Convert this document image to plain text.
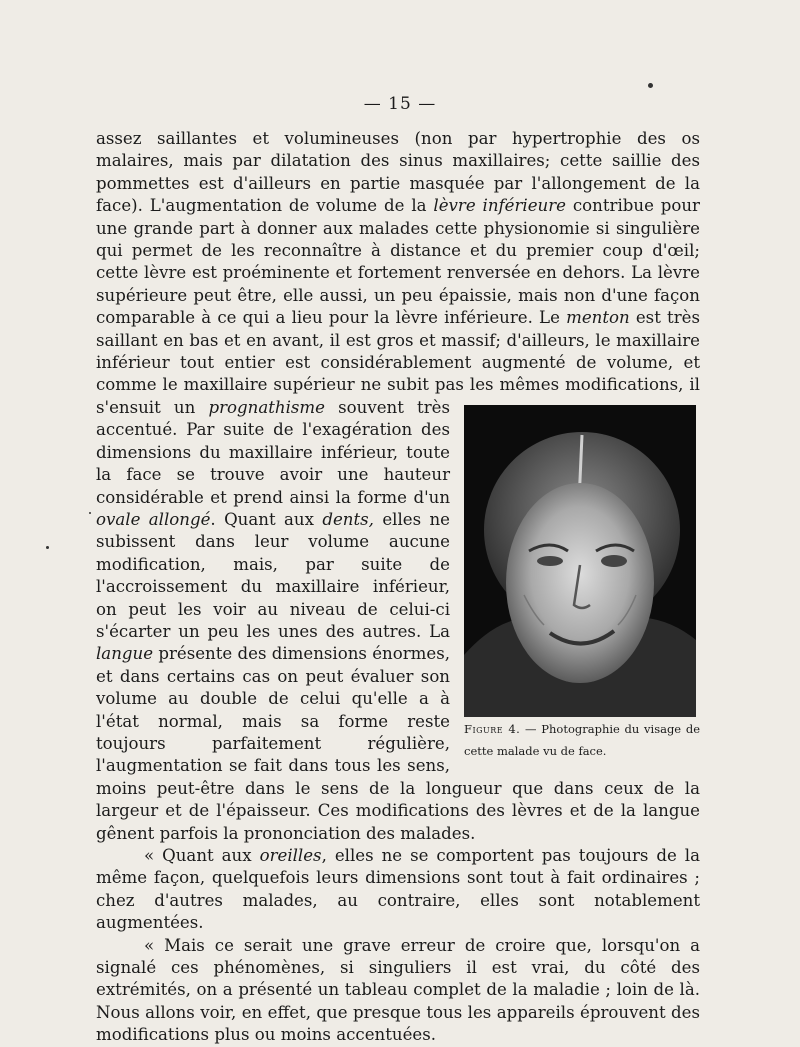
— 15 —

assez saillantes et volumineuses (non par hypertrophie des os malaires, mais par dilatation des sinus maxillaires; cette saillie des pommettes est d'ailleurs en partie masquée par l'allongement de la face). L'augmentation de volume de la lèvre inférieure contribue pour une grande part à donner aux malades cette physionomie si singulière qui permet de les reconnaître à distance et du premier coup d'œil; cette lèvre est proéminente et fortement renversée en dehors. La lèvre supérieure peut être, elle aussi, un peu épaissie, mais non d'une façon comparable à ce qui a lieu pour la lèvre inférieure. Le menton est très saillant en bas et en avant, il est gros et massif; d'ailleurs, le maxillaire inférieur tout entier est considérablement augmenté de volume, et comme le maxillaire supérieur ne subit pas les mêmes modifications, il s'ensuit un
Figure 4. — Photographie du visage de cette malade vu de face.
prognathisme souvent très accentué. Par suite de l'exagération des dimensions du maxillaire inférieur, toute la face se trouve avoir une hauteur considérable et prend ainsi la forme d'un ovale allongé. Quant aux dents, elles ne subissent dans leur volume aucune modification, mais, par suite de l'accroissement du maxillaire inférieur, on peut les voir au niveau de celui-ci s'écarter un peu les unes des autres. La langue présente des dimensions énormes, et dans certains cas on peut évaluer son volume au double de celui qu'elle a à l'état normal, mais sa forme reste toujours parfaitement régulière, l'augmentation se fait dans tous les sens, moins peut-être dans le sens de la longueur que dans ceux de la largeur et de l'épaisseur. Ces modifications des lèvres et de la langue gênent parfois la prononciation des malades.

« Quant aux oreilles, elles ne se comportent pas toujours de la même façon, quelquefois leurs dimensions sont tout à fait ordinaires ; chez d'autres malades, au contraire, elles sont notablement augmentées.

« Mais ce serait une grave erreur de croire que, lorsqu'on a signalé ces phénomènes, si singuliers il est vrai, du côté des extrémités, on a présenté un tableau complet de la maladie ; loin de là. Nous allons voir, en effet, que presque tous les appareils éprouvent des modifications plus ou moins accentuées.
